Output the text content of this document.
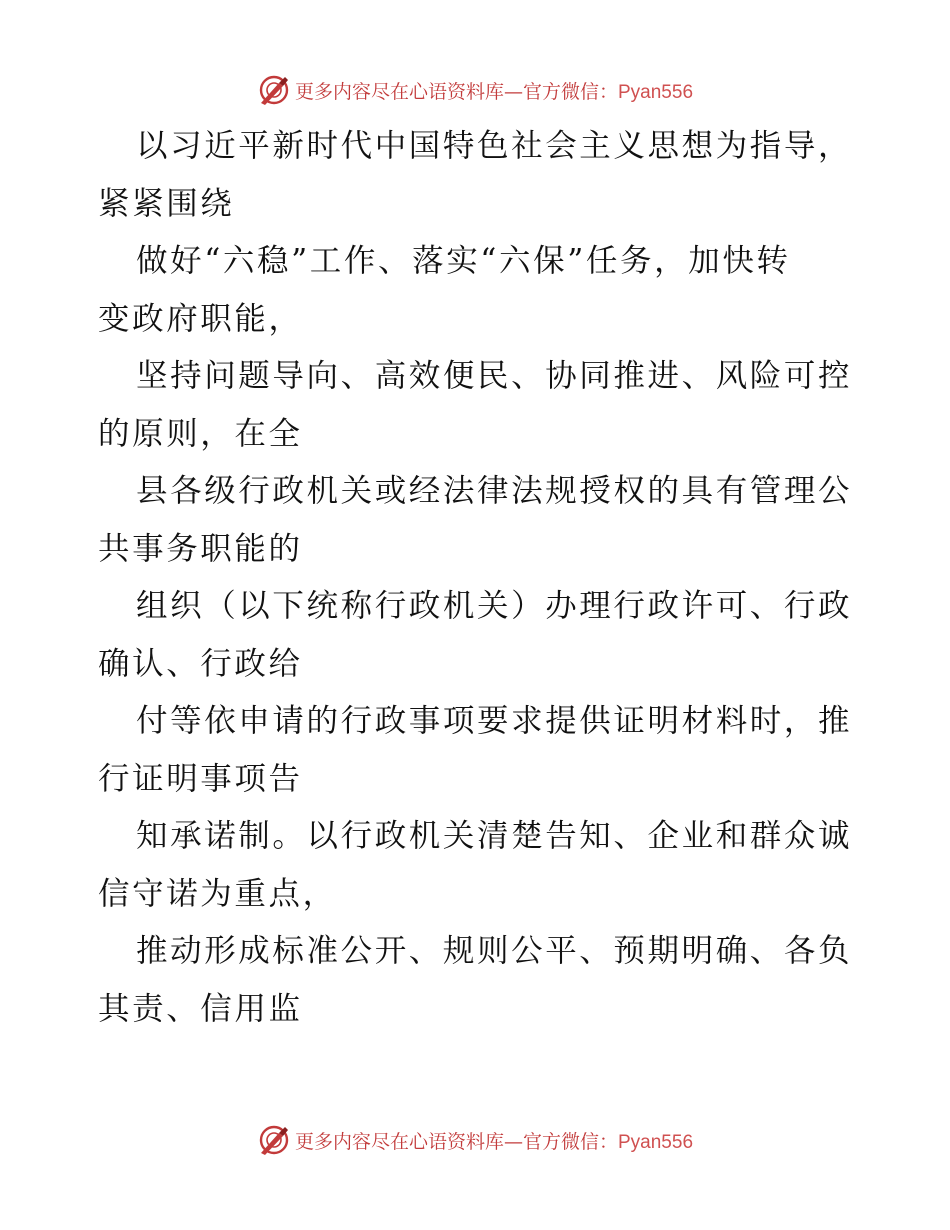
更多内容尽在心语资料库—官方微信：Pyan556

以习近平新时代中国特色社会主义思想为指导，
紧紧围绕

做好“六稳”工作、落实“六保”任务，加快转
变政府职能，

坚持问题导向、高效便民、协同推进、风险可控
的原则，在全

县各级行政机关或经法律法规授权的具有管理公
共事务职能的

组织（以下统称行政机关）办理行政许可、行政
确认、行政给

付等依申请的行政事项要求提供证明材料时，推
行证明事项告

知承诺制。以行政机关清楚告知、企业和群众诚
信守诺为重点，

推动形成标准公开、规则公平、预期明确、各负
其责、信用监

更多内容尽在心语资料库—官方微信：Pyan556
